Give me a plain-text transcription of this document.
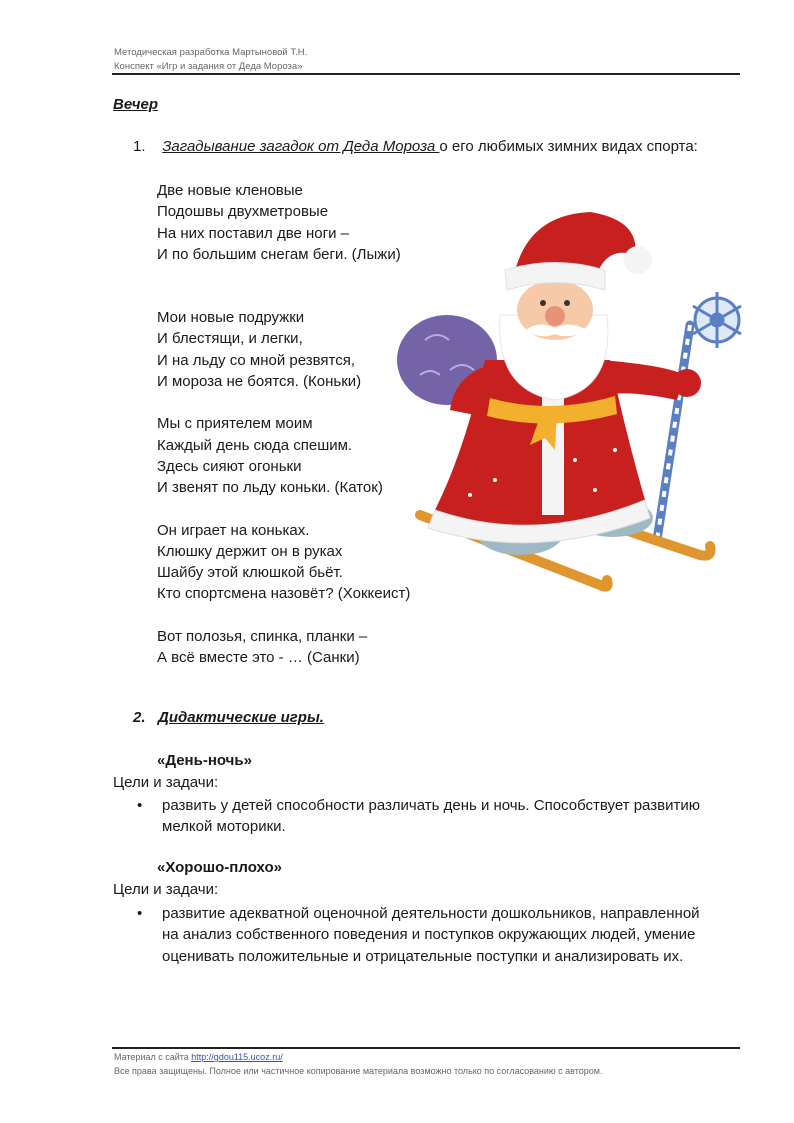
Методическая разработка Мартыновой Т.Н.
Конспект «Игр и задания от Деда Мороза»
Вечер
1. Загадывание загадок от Деда Мороза о его любимых зимних видах спорта:
Две новые кленовые
Подошвы двухметровые
На них поставил две ноги –
И по большим снегам беги. (Лыжи)
Мои новые подружки
И блестящи, и легки,
И на льду со мной резвятся,
И мороза не боятся. (Коньки)
Мы с приятелем моим
Каждый день сюда спешим.
Здесь сияют огоньки
И звенят по льду коньки. (Каток)
Он играет на коньках.
Клюшку держит он в руках
Шайбу этой клюшкой бьёт.
Кто спортсмена назовёт? (Хоккеист)
Вот полозья, спинка, планки –
А всё вместе это - … (Санки)
2. Дидактические игры.
«День-ночь»
Цели и задачи:
• развить у детей способности различать день и ночь. Способствует развитию
мелкой моторики.
«Хорошо-плохо»
Цели и задачи:
• развитие адекватной оценочной деятельности дошкольников, направленной
на анализ собственного поведения и поступков окружающих людей, умение
оценивать положительные и отрицательные поступки и анализировать их.
Материал с сайта http://gdou115.ucoz.ru/
Все права защищены. Полное или частичное копирование материала возможно только по согласованию с автором.
